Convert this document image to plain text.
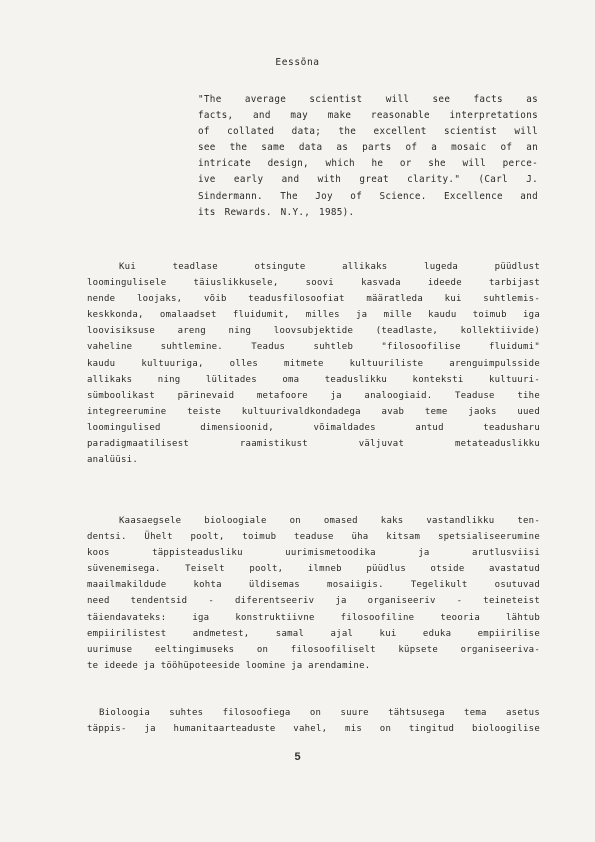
Eessõna
"The average scientist will see facts as
facts, and may make reasonable interpretations
of collated data; the excellent scientist will
see the same data as parts of a mosaic of an
intricate design, which he or she will perce-
ive early and with great clarity." (Carl J.
Sindermann. The Joy of Science. Excellence and
its Rewards. N.Y., 1985).
Kui teadlase otsingute allikaks lugeda püüdlust
loomingulisele täiuslikkusele, soovi kasvada ideede tarbijast
nende loojaks, võib teadusfilosoofiat määratleda kui suhtlemis-
keskkonda, omalaadset fluidumit, milles ja mille kaudu toimub iga
loovisiksuse areng ning loovsubjektide (teadlaste, kollektiivide)
vaheline suhtlemine. Teadus suhtleb "filosoofilise fluidumi"
kaudu kultuuriga, olles mitmete kultuuriliste arenguimpulsside
allikaks ning lülitades oma teaduslikku konteksti kultuuri-
sümboolikast pärinevaid metafoore ja analoogiaid. Teaduse tihe
integreerumine teiste kultuurivaldkondadega avab teme jaoks uued
loomingulised dimensioonid, võimaldades antud teadusharu
paradigmaatilisest raamistikust väljuvat metateaduslikku
analüüsi.
Kaasaegsele bioloogiale on omased kaks vastandlikku ten-
dentsi. Ühelt poolt, toimub teaduse üha kitsam spetsialiseerumine
koos täppisteadusliku uurimismetoodika ja arutlusviisi
süvenemisega. Teiselt poolt, ilmneb püüdlus otside avastatud
maailmakildude kohta üldisemas mosaiigis. Tegelikult osutuvad
need tendentsid - diferentseeriv ja organiseeriv - teineteist
täiendavateks: iga konstruktiivne filosoofiline teooria lähtub
empiirilistest andmetest, samal ajal kui eduka empiirilise
uurimuse eeltingimuseks on filosoofiliselt küpsete organiseeriva-
te ideede ja tööhüpoteeside loomine ja arendamine.
Bioloogia suhtes filosoofiega on suure tähtsusega tema asetus
täppis- ja humanitaarteaduste vahel, mis on tingitud bioloogilise
5
